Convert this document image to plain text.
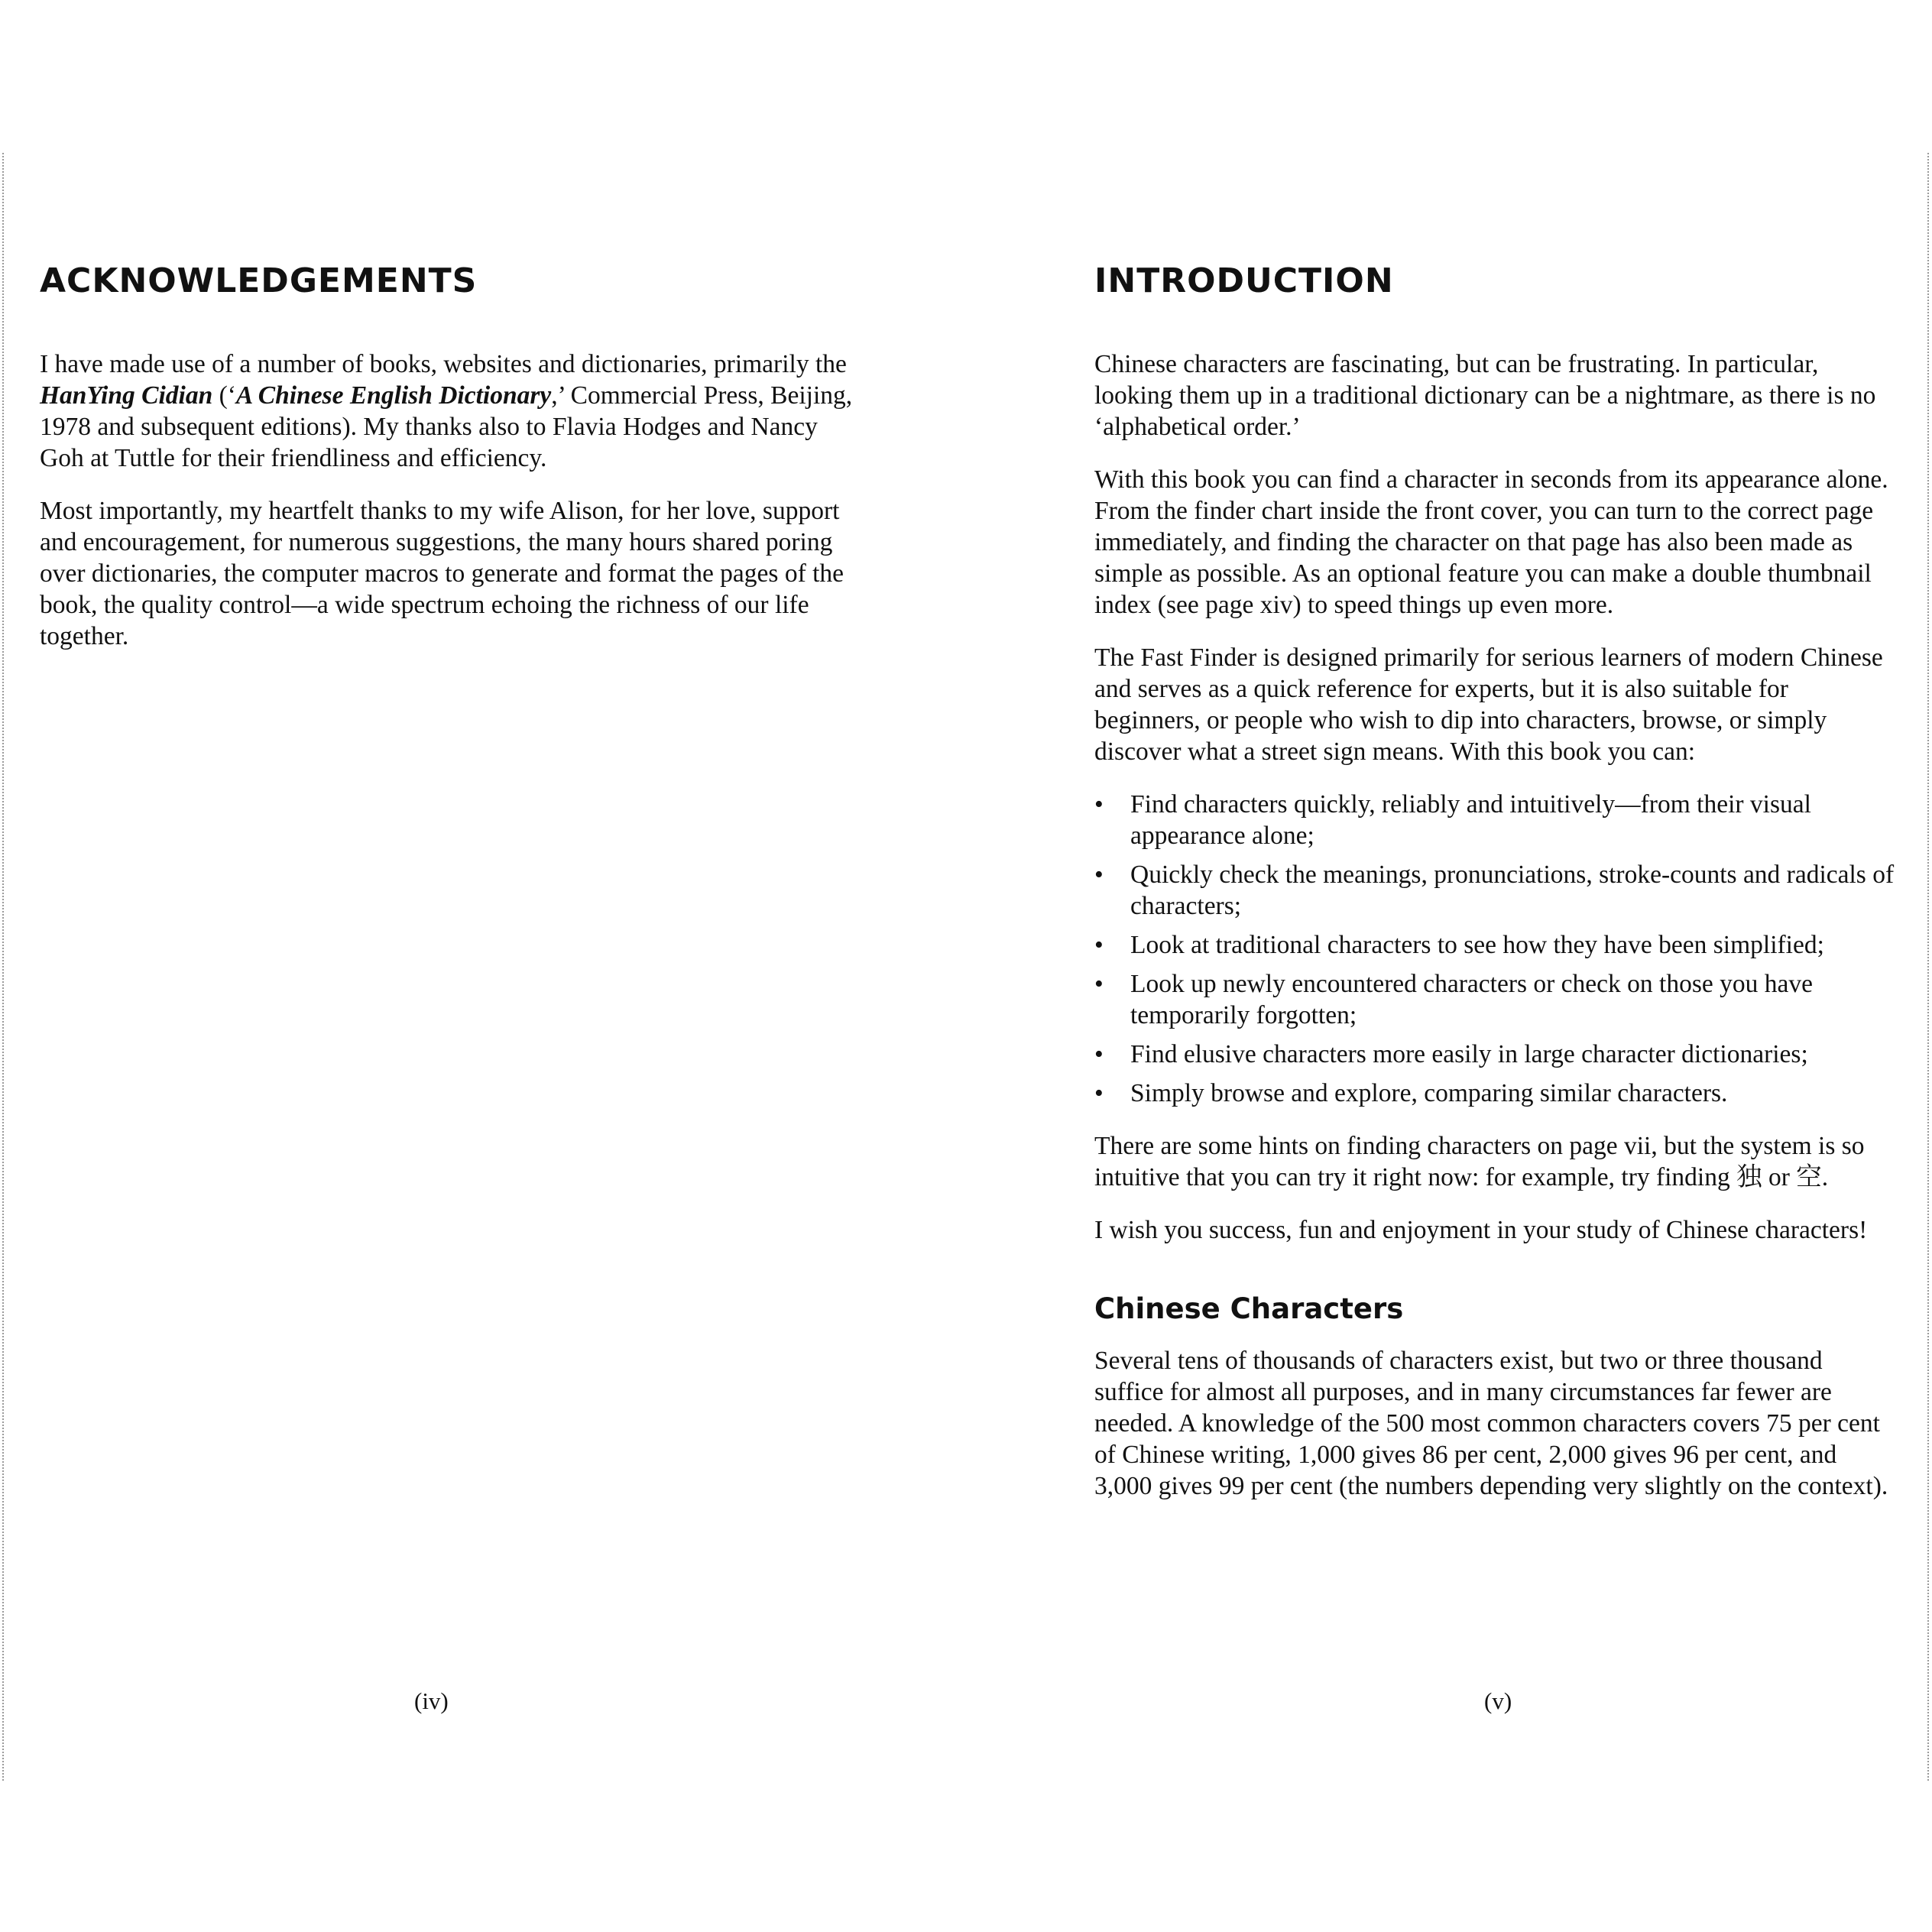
ACKNOWLEDGEMENTS

I have made use of a number of books, websites and dictionaries, primarily the HanYing Cidian (‘A Chinese English Dictionary,’ Commercial Press, Beijing, 1978 and subsequent editions). My thanks also to Flavia Hodges and Nancy Goh at Tuttle for their friendliness and efficiency.

Most importantly, my heartfelt thanks to my wife Alison, for her love, support and encouragement, for numerous suggestions, the many hours shared poring over dictionaries, the computer macros to generate and format the pages of the book, the quality control—a wide spectrum echoing the richness of our life together.

(iv)
INTRODUCTION

Chinese characters are fascinating, but can be frustrating. In particular, looking them up in a traditional dictionary can be a nightmare, as there is no ‘alphabetical order.’

With this book you can find a character in seconds from its appearance alone. From the finder chart inside the front cover, you can turn to the correct page immediately, and finding the character on that page has also been made as simple as possible. As an optional feature you can make a double thumbnail index (see page xiv) to speed things up even more.

The Fast Finder is designed primarily for serious learners of modern Chinese and serves as a quick reference for experts, but it is also suitable for beginners, or people who wish to dip into characters, browse, or simply discover what a street sign means. With this book you can:

• Find characters quickly, reliably and intuitively—from their visual appearance alone;
• Quickly check the meanings, pronunciations, stroke-counts and radicals of characters;
• Look at traditional characters to see how they have been simplified;
• Look up newly encountered characters or check on those you have temporarily forgotten;
• Find elusive characters more easily in large character dictionaries;
• Simply browse and explore, comparing similar characters.

There are some hints on finding characters on page vii, but the system is so intuitive that you can try it right now: for example, try finding 独 or 空.

I wish you success, fun and enjoyment in your study of Chinese characters!

Chinese Characters

Several tens of thousands of characters exist, but two or three thousand suffice for almost all purposes, and in many circumstances far fewer are needed. A knowledge of the 500 most common characters covers 75 per cent of Chinese writing, 1,000 gives 86 per cent, 2,000 gives 96 per cent, and 3,000 gives 99 per cent (the numbers depending very slightly on the context).

(v)
